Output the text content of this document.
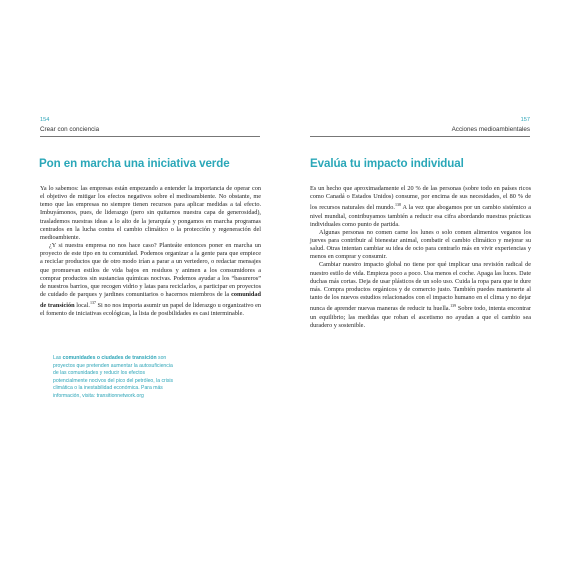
154
Crear con conciencia
Pon en marcha una iniciativa verde

Ya lo sabemos: las empresas están empezando a entender la importancia de operar con el objetivo de mitigar los efectos negativos sobre el medioambiente. No obstante, me temo que las empresas no siempre tienen recursos para aplicar medidas a tal efecto. Imbuyámonos, pues, de liderazgo (pero sin quitarnos nuestra capa de generosidad), traslademos nuestras ideas a lo alto de la jerarquía y pongamos en marcha programas centrados en la lucha contra el cambio climático o la protección y regeneración del medioambiente.

¿Y si nuestra empresa no nos hace caso? Planteáte entonces poner en marcha un proyecto de este tipo en tu comunidad. Podemos organizar a la gente para que empiece a reciclar productos que de otro modo irían a parar a un vertedero, o redactar mensajes que promuevan estilos de vida bajos en residuos y animen a los consumidores a comprar productos sin sustancias químicas nocivas. Podemos ayudar a los “basureros” de nuestros barrios, que recogen vidrio y latas para reciclarlos, a participar en proyectos de cuidado de parques y jardines comunitarios o hacernos miembros de la comunidad de transición local.$^{137}$ Si no nos importa asumir un papel de liderazgo u organizativo en el fomento de iniciativas ecológicas, la lista de posibilidades es casi interminable.

Las comunidades o ciudades de transición son proyectos que pretenden aumentar la autosuficiencia de las comunidades y reducir los efectos potencialmente nocivos del pico del petróleo, la crisis climática o la inestabilidad económica. Para más información, visita: transitionnetwork.org
157
Acciones medioambientales
Evalúa tu impacto individual

Es un hecho que aproximadamente el 20 % de las personas (sobre todo en países ricos como Canadá o Estados Unidos) consume, por encima de sus necesidades, el 80 % de los recursos naturales del mundo.$^{138}$ A la vez que abogamos por un cambio sistémico a nivel mundial, contribuyamos también a reducir esa cifra abordando nuestras prácticas individuales como punto de partida.

Algunas personas no comen carne los lunes o solo comen alimentos veganos los jueves para contribuir al bienestar animal, combatir el cambio climático y mejorar su salud. Otras intentan cambiar su idea de ocio para centrarlo más en vivir experiencias y menos en comprar y consumir.

Cambiar nuestro impacto global no tiene por qué implicar una revisión radical de nuestro estilo de vida. Empieza poco a poco. Usa menos el coche. Apaga las luces. Date duchas más cortas. Deja de usar plásticos de un solo uso. Cuida la ropa para que te dure más. Compra productos orgánicos y de comercio justo. También puedes mantenerte al tanto de los nuevos estudios relacionados con el impacto humano en el clima y no dejar nunca de aprender nuevas maneras de reducir tu huella.$^{139}$ Sobre todo, intenta encontrar un equilibrio; las medidas que roban el ascetismo no ayudan a que el cambio sea duradero y sostenible.
